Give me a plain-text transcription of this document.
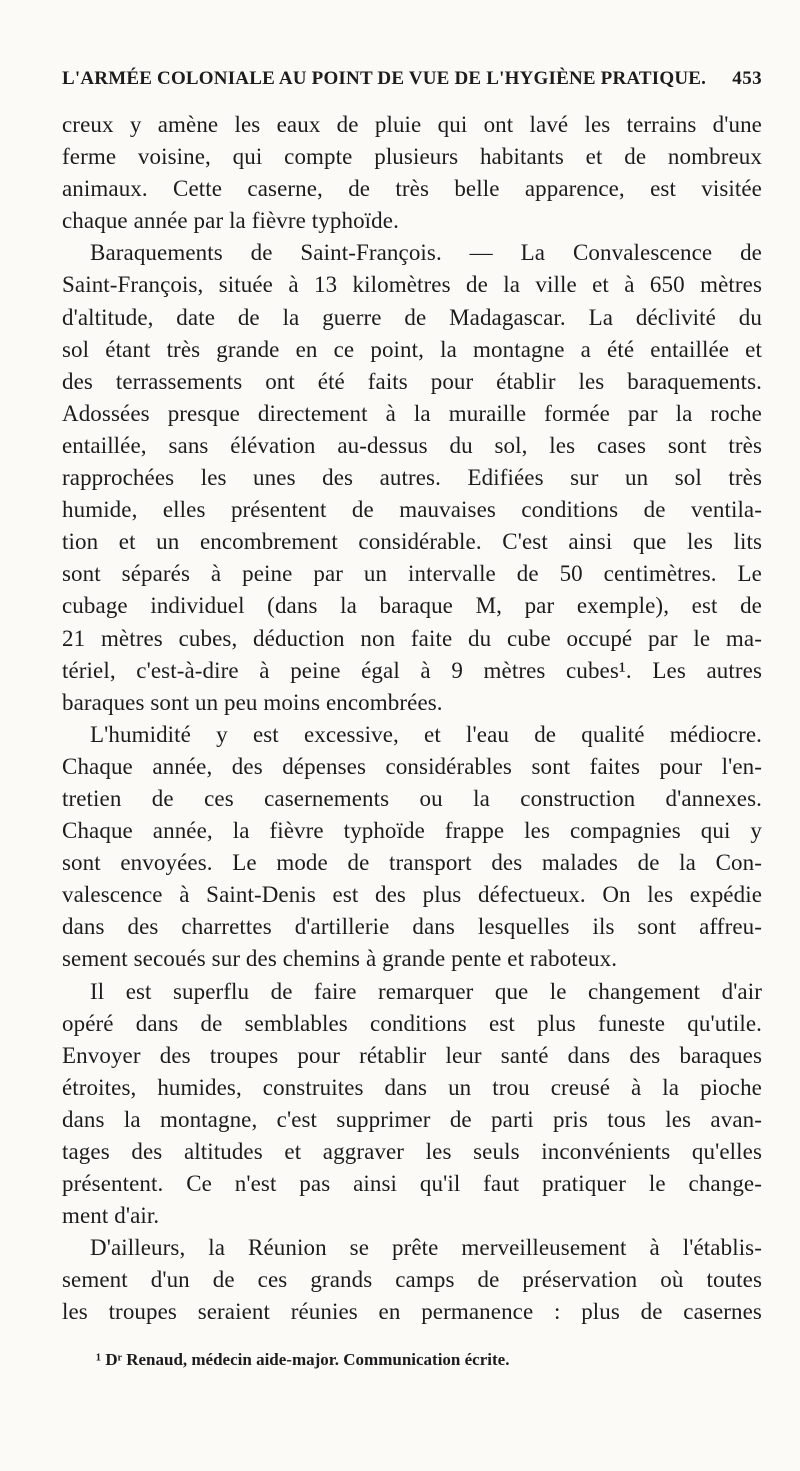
L'ARMÉE COLONIALE AU POINT DE VUE DE L'HYGIÈNE PRATIQUE. 453
creux y amène les eaux de pluie qui ont lavé les terrains d'une
ferme voisine, qui compte plusieurs habitants et de nombreux
animaux. Cette caserne, de très belle apparence, est visitée
chaque année par la fièvre typhoïde.
Baraquements de Saint-François. — La Convalescence de
Saint-François, située à 13 kilomètres de la ville et à 650 mètres
d'altitude, date de la guerre de Madagascar. La déclivité du
sol étant très grande en ce point, la montagne a été entaillée et
des terrassements ont été faits pour établir les baraquements.
Adossées presque directement à la muraille formée par la roche
entaillée, sans élévation au-dessus du sol, les cases sont très
rapprochées les unes des autres. Edifiées sur un sol très
humide, elles présentent de mauvaises conditions de ventila-
tion et un encombrement considérable. C'est ainsi que les lits
sont séparés à peine par un intervalle de 50 centimètres. Le
cubage individuel (dans la baraque M, par exemple), est de
21 mètres cubes, déduction non faite du cube occupé par le ma-
tériel, c'est-à-dire à peine égal à 9 mètres cubes¹. Les autres
baraques sont un peu moins encombrées.
L'humidité y est excessive, et l'eau de qualité médiocre.
Chaque année, des dépenses considérables sont faites pour l'en-
tretien de ces casernements ou la construction d'annexes.
Chaque année, la fièvre typhoïde frappe les compagnies qui y
sont envoyées. Le mode de transport des malades de la Con-
valescence à Saint-Denis est des plus défectueux. On les expédie
dans des charrettes d'artillerie dans lesquelles ils sont affreu-
sement secoués sur des chemins à grande pente et raboteux.
Il est superflu de faire remarquer que le changement d'air
opéré dans de semblables conditions est plus funeste qu'utile.
Envoyer des troupes pour rétablir leur santé dans des baraques
étroites, humides, construites dans un trou creusé à la pioche
dans la montagne, c'est supprimer de parti pris tous les avan-
tages des altitudes et aggraver les seuls inconvénients qu'elles
présentent. Ce n'est pas ainsi qu'il faut pratiquer le change-
ment d'air.
D'ailleurs, la Réunion se prête merveilleusement à l'établis-
sement d'un de ces grands camps de préservation où toutes
les troupes seraient réunies en permanence : plus de casernes
¹ Dʳ Renaud, médecin aide-major. Communication écrite.
